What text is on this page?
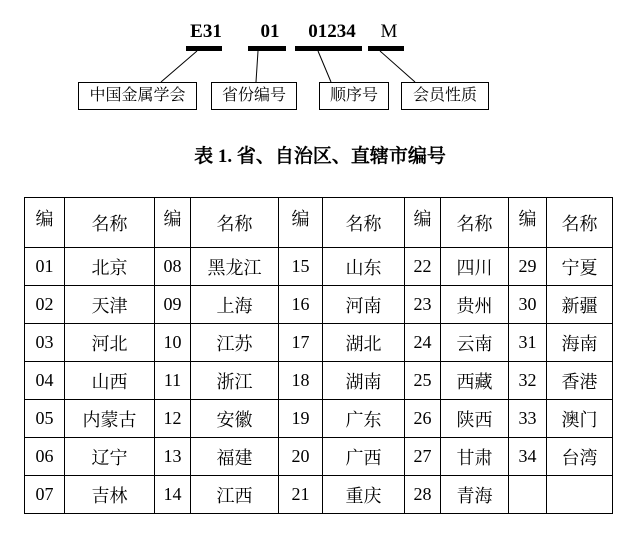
E31	01	01234	M
中国金属学会	省份编号	顺序号	会员性质
表 1. 省、自治区、直辖市编号
编	名称	编	名称	编	名称	编	名称	编	名称
01	北京	08	黑龙江	15	山东	22	四川	29	宁夏
02	天津	09	上海	16	河南	23	贵州	30	新疆
03	河北	10	江苏	17	湖北	24	云南	31	海南
04	山西	11	浙江	18	湖南	25	西藏	32	香港
05	内蒙古	12	安徽	19	广东	26	陕西	33	澳门
06	辽宁	13	福建	20	广西	27	甘肃	34	台湾
07	吉林	14	江西	21	重庆	28	青海		
